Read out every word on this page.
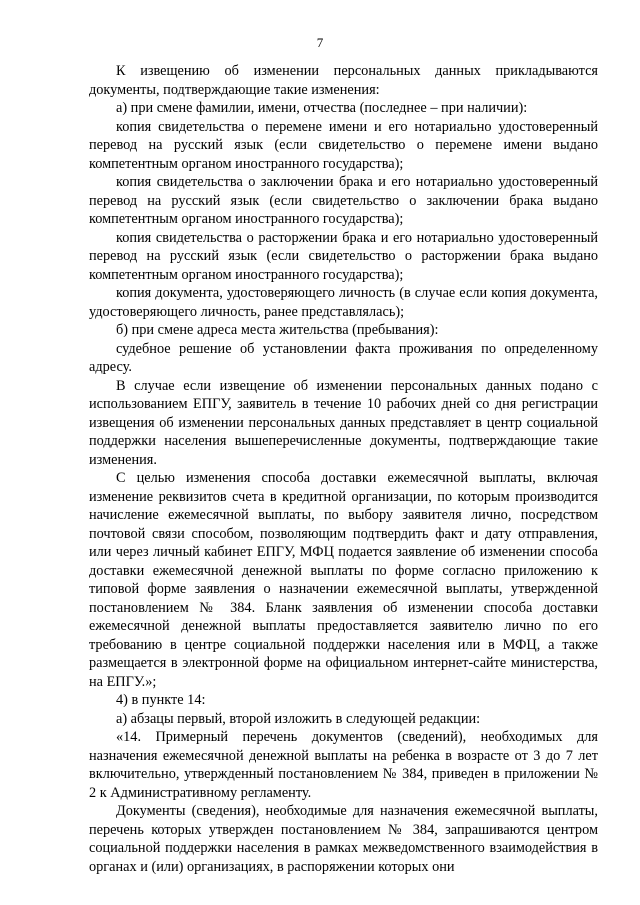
7

К извещению об изменении персональных данных прикладываются документы, подтверждающие такие изменения:

а) при смене фамилии, имени, отчества (последнее – при наличии):

копия свидетельства о перемене имени и его нотариально удостоверенный перевод на русский язык (если свидетельство о перемене имени выдано компетентным органом иностранного государства);

копия свидетельства о заключении брака и его нотариально удостоверенный перевод на русский язык (если свидетельство о заключении брака выдано компетентным органом иностранного государства);

копия свидетельства о расторжении брака и его нотариально удостоверенный перевод на русский язык (если свидетельство о расторжении брака выдано компетентным органом иностранного государства);

копия документа, удостоверяющего личность (в случае если копия документа, удостоверяющего личность, ранее представлялась);

б) при смене адреса места жительства (пребывания):

судебное решение об установлении факта проживания по определенному адресу.

В случае если извещение об изменении персональных данных подано с использованием ЕПГУ, заявитель в течение 10 рабочих дней со дня регистрации извещения об изменении персональных данных представляет в центр социальной поддержки населения вышеперечисленные документы, подтверждающие такие изменения.

С целью изменения способа доставки ежемесячной выплаты, включая изменение реквизитов счета в кредитной организации, по которым производится начисление ежемесячной выплаты, по выбору заявителя лично, посредством почтовой связи способом, позволяющим подтвердить факт и дату отправления, или через личный кабинет ЕПГУ, МФЦ подается заявление об изменении способа доставки ежемесячной денежной выплаты по форме согласно приложению к типовой форме заявления о назначении ежемесячной выплаты, утвержденной постановлением № 384. Бланк заявления об изменении способа доставки ежемесячной денежной выплаты предоставляется заявителю лично по его требованию в центре социальной поддержки населения или в МФЦ, а также размещается в электронной форме на официальном интернет-сайте министерства, на ЕПГУ.»;

4) в пункте 14:

а) абзацы первый, второй изложить в следующей редакции:

«14. Примерный перечень документов (сведений), необходимых для назначения ежемесячной денежной выплаты на ребенка в возрасте от 3 до 7 лет включительно, утвержденный постановлением № 384, приведен в приложении № 2 к Административному регламенту.

Документы (сведения), необходимые для назначения ежемесячной выплаты, перечень которых утвержден постановлением № 384, запрашиваются центром социальной поддержки населения в рамках межведомственного взаимодействия в органах и (или) организациях, в распоряжении которых они
